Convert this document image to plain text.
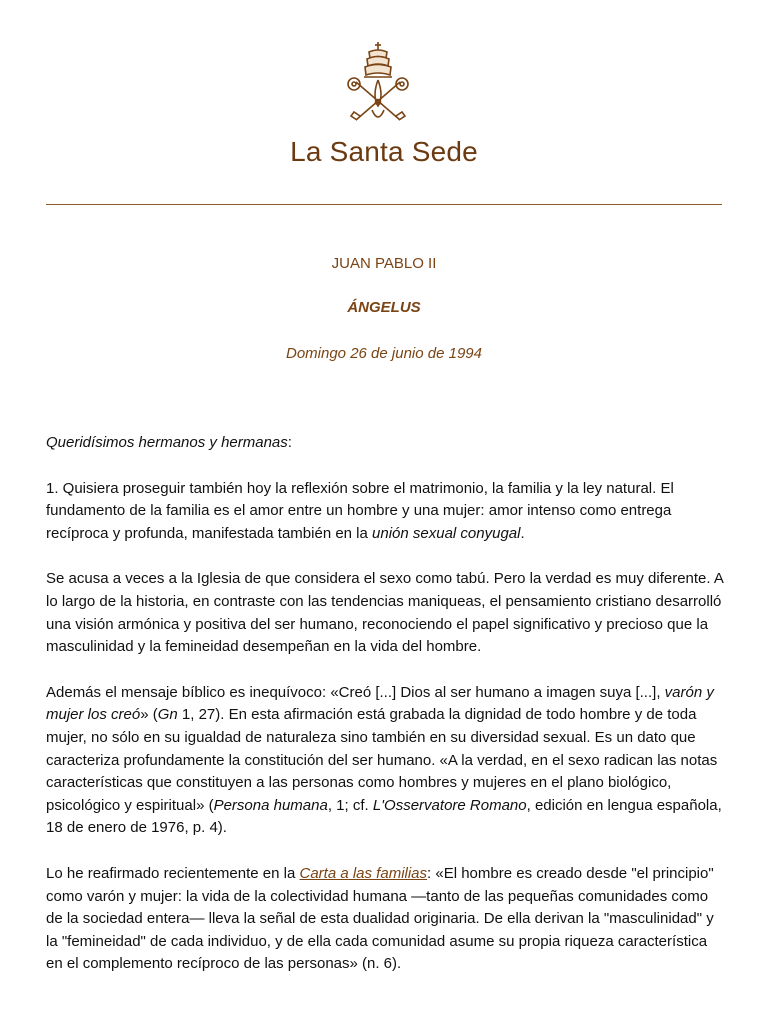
La Santa Sede
JUAN PABLO II
ÁNGELUS
Domingo 26 de junio de 1994

Queridísimos hermanos y hermanas:

1. Quisiera proseguir también hoy la reflexión sobre el matrimonio, la familia y la ley natural. El fundamento de la familia es el amor entre un hombre y una mujer: amor intenso como entrega recíproca y profunda, manifestada también en la unión sexual conyugal.

Se acusa a veces a la Iglesia de que considera el sexo como tabú. Pero la verdad es muy diferente. A lo largo de la historia, en contraste con las tendencias maniqueas, el pensamiento cristiano desarrolló una visión armónica y positiva del ser humano, reconociendo el papel significativo y precioso que la masculinidad y la femineidad desempeñan en la vida del hombre.

Además el mensaje bíblico es inequívoco: «Creó [...] Dios al ser humano a imagen suya [...], varón y mujer los creó» (Gn 1, 27). En esta afirmación está grabada la dignidad de todo hombre y de toda mujer, no sólo en su igualdad de naturaleza sino también en su diversidad sexual. Es un dato que caracteriza profundamente la constitución del ser humano. «A la verdad, en el sexo radican las notas características que constituyen a las personas como hombres y mujeres en el plano biológico, psicológico y espiritual» (Persona humana, 1; cf. L'Osservatore Romano, edición en lengua española, 18 de enero de 1976, p. 4).

Lo he reafirmado recientemente en la Carta a las familias: «El hombre es creado desde "el principio" como varón y mujer: la vida de la colectividad humana —tanto de las pequeñas comunidades como de la sociedad entera— lleva la señal de esta dualidad originaria. De ella derivan la "masculinidad" y la "femineidad" de cada individuo, y de ella cada comunidad asume su propia riqueza característica en el complemento recíproco de las personas» (n. 6).
